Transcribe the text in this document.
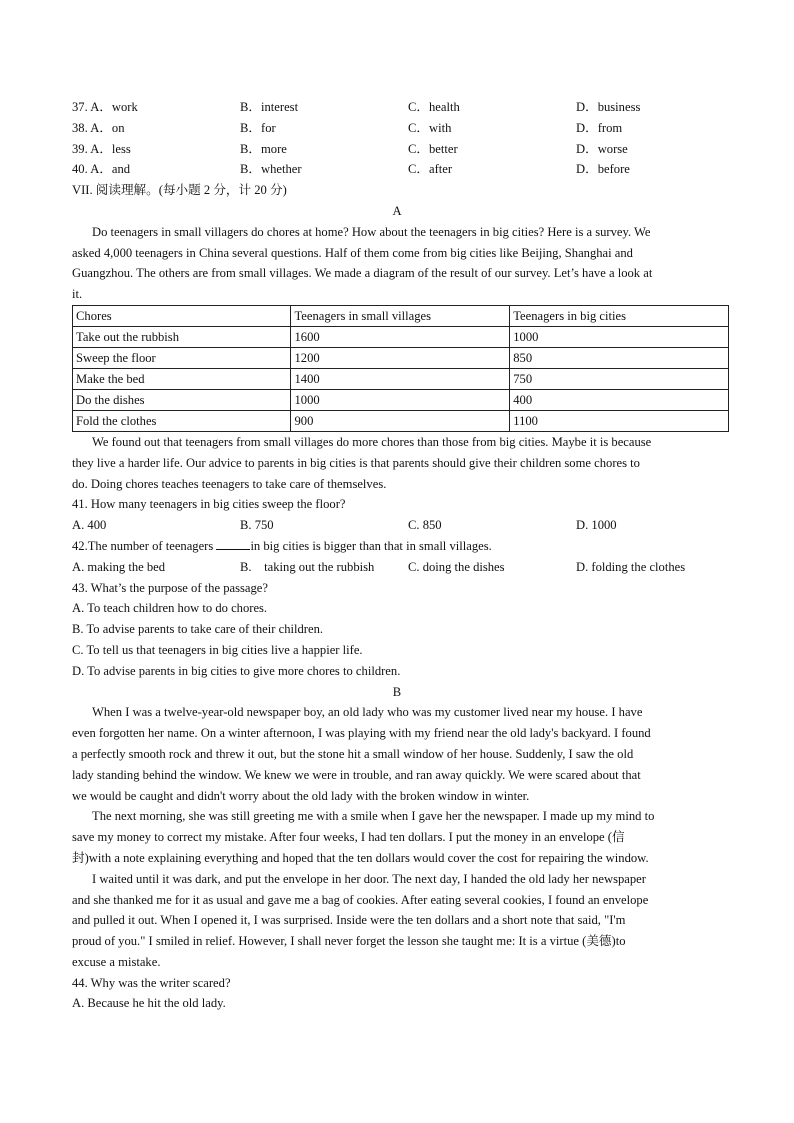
37. A．work	B．interest	C．health	D．business
38. A．on	B．for	C．with	D．from
39. A．less	B．more	C．better	D．worse
40. A．and	B．whether	C．after	D．before
VII. 阅读理解。(每小题 2 分，计 20 分)
A
Do teenagers in small villagers do chores at home? How about the teenagers in big cities? Here is a survey. We
asked 4,000 teenagers in China several questions. Half of them come from big cities like Beijing, Shanghai and
Guangzhou. The others are from small villages. We made a diagram of the result of our survey. Let’s have a look at
it.
Chores	Teenagers in small villages	Teenagers in big cities
Take out the rubbish	1600	1000
Sweep the floor	1200	850
Make the bed	1400	750
Do the dishes	1000	400
Fold the clothes	900	1100
We found out that teenagers from small villages do more chores than those from big cities. Maybe it is because
they live a harder life. Our advice to parents in big cities is that parents should give their children some chores to
do. Doing chores teaches teenagers to take care of themselves.
41. How many teenagers in big cities sweep the floor?
A. 400	B. 750	C. 850	D. 1000
42.The number of teenagers	in big cities is bigger than that in small villages.
A. making the bed	B.　taking out the rubbish	C. doing the dishes	D. folding the clothes
43. What’s the purpose of the passage?
A. To teach children how to do chores.
B. To advise parents to take care of their children.
C. To tell us that teenagers in big cities live a happier life.
D. To advise parents in big cities to give more chores to children.
B
When I was a twelve-year-old newspaper boy, an old lady who was my customer lived near my house. I have
even forgotten her name. On a winter afternoon, I was playing with my friend near the old lady's backyard. I found
a perfectly smooth rock and threw it out, but the stone hit a small window of her house. Suddenly, I saw the old
lady standing behind the window. We knew we were in trouble, and ran away quickly. We were scared about that
we would be caught and didn't worry about the old lady with the broken window in winter.
The next morning, she was still greeting me with a smile when I gave her the newspaper. I made up my mind to
save my money to correct my mistake. After four weeks, I had ten dollars. I put the money in an envelope (信
封)with a note explaining everything and hoped that the ten dollars would cover the cost for repairing the window.
I waited until it was dark, and put the envelope in her door. The next day, I handed the old lady her newspaper
and she thanked me for it as usual and gave me a bag of cookies. After eating several cookies, I found an envelope
and pulled it out. When I opened it, I was surprised. Inside were the ten dollars and a short note that said, "I'm
proud of you." I smiled in relief. However, I shall never forget the lesson she taught me: It is a virtue (美德)to
excuse a mistake.
44. Why was the writer scared?
A. Because he hit the old lady.
